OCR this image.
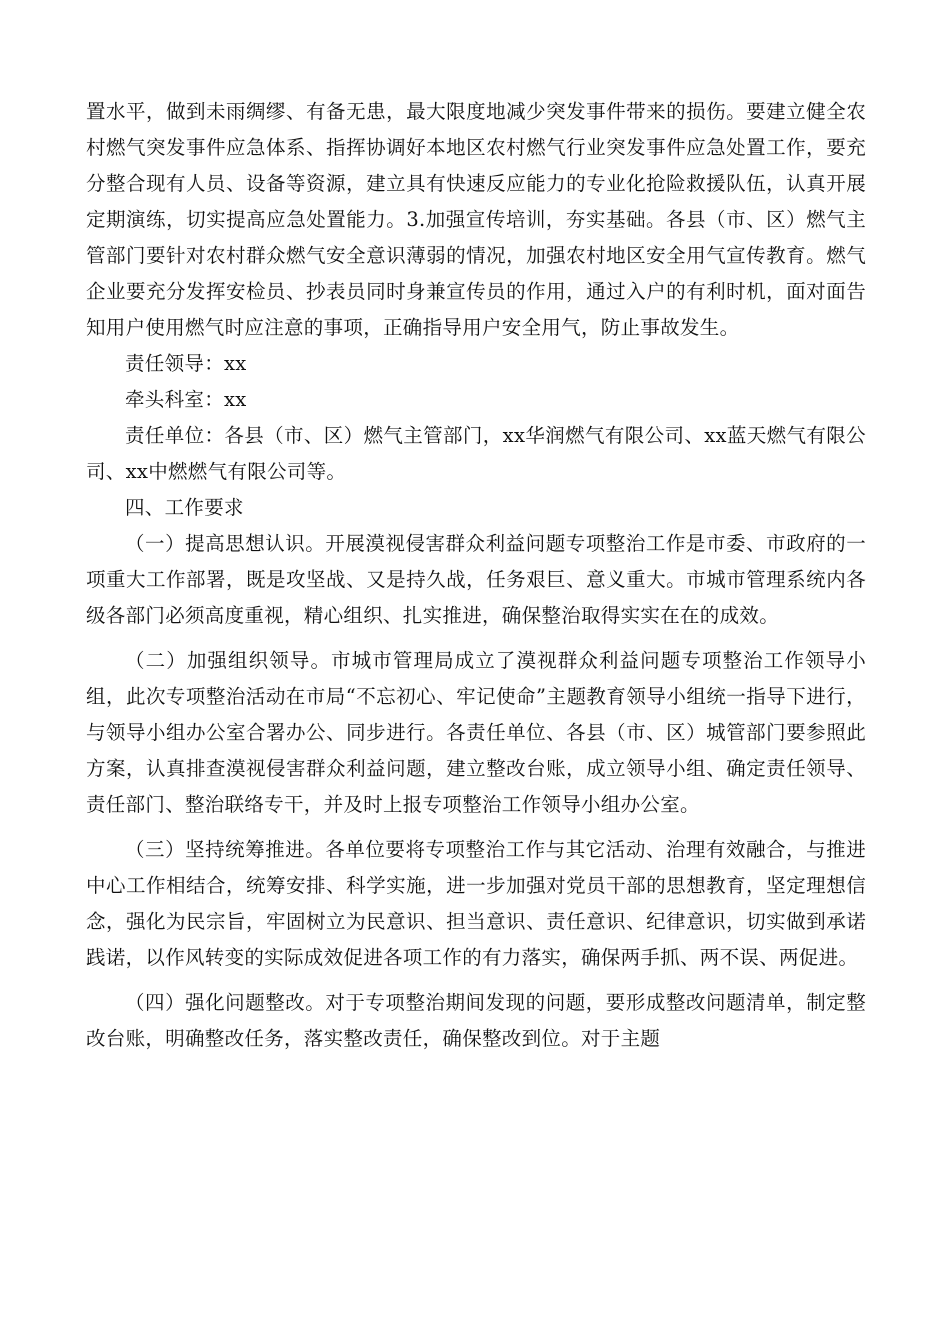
置水平，做到未雨绸缪、有备无患，最大限度地减少突发事件带来的损伤。要建立健全农村燃气突发事件应急体系、指挥协调好本地区农村燃气行业突发事件应急处置工作，要充分整合现有人员、设备等资源，建立具有快速反应能力的专业化抢险救援队伍，认真开展定期演练，切实提高应急处置能力。3.加强宣传培训，夯实基础。各县（市、区）燃气主管部门要针对农村群众燃气安全意识薄弱的情况，加强农村地区安全用气宣传教育。燃气企业要充分发挥安检员、抄表员同时身兼宣传员的作用，通过入户的有利时机，面对面告知用户使用燃气时应注意的事项，正确指导用户安全用气，防止事故发生。

责任领导：xx

牵头科室：xx

责任单位：各县（市、区）燃气主管部门，xx华润燃气有限公司、xx蓝天燃气有限公司、xx中燃燃气有限公司等。

四、工作要求

（一）提高思想认识。开展漠视侵害群众利益问题专项整治工作是市委、市政府的一项重大工作部署，既是攻坚战、又是持久战，任务艰巨、意义重大。市城市管理系统内各级各部门必须高度重视，精心组织、扎实推进，确保整治取得实实在在的成效。

（二）加强组织领导。市城市管理局成立了漠视群众利益问题专项整治工作领导小组，此次专项整治活动在市局“不忘初心、牢记使命”主题教育领导小组统一指导下进行，与领导小组办公室合署办公、同步进行。各责任单位、各县（市、区）城管部门要参照此方案，认真排查漠视侵害群众利益问题，建立整改台账，成立领导小组、确定责任领导、责任部门、整治联络专干，并及时上报专项整治工作领导小组办公室。

（三）坚持统筹推进。各单位要将专项整治工作与其它活动、治理有效融合，与推进中心工作相结合，统筹安排、科学实施，进一步加强对党员干部的思想教育，坚定理想信念，强化为民宗旨，牢固树立为民意识、担当意识、责任意识、纪律意识，切实做到承诺践诺，以作风转变的实际成效促进各项工作的有力落实，确保两手抓、两不误、两促进。

（四）强化问题整改。对于专项整治期间发现的问题，要形成整改问题清单，制定整改台账，明确整改任务，落实整改责任，确保整改到位。对于主题
